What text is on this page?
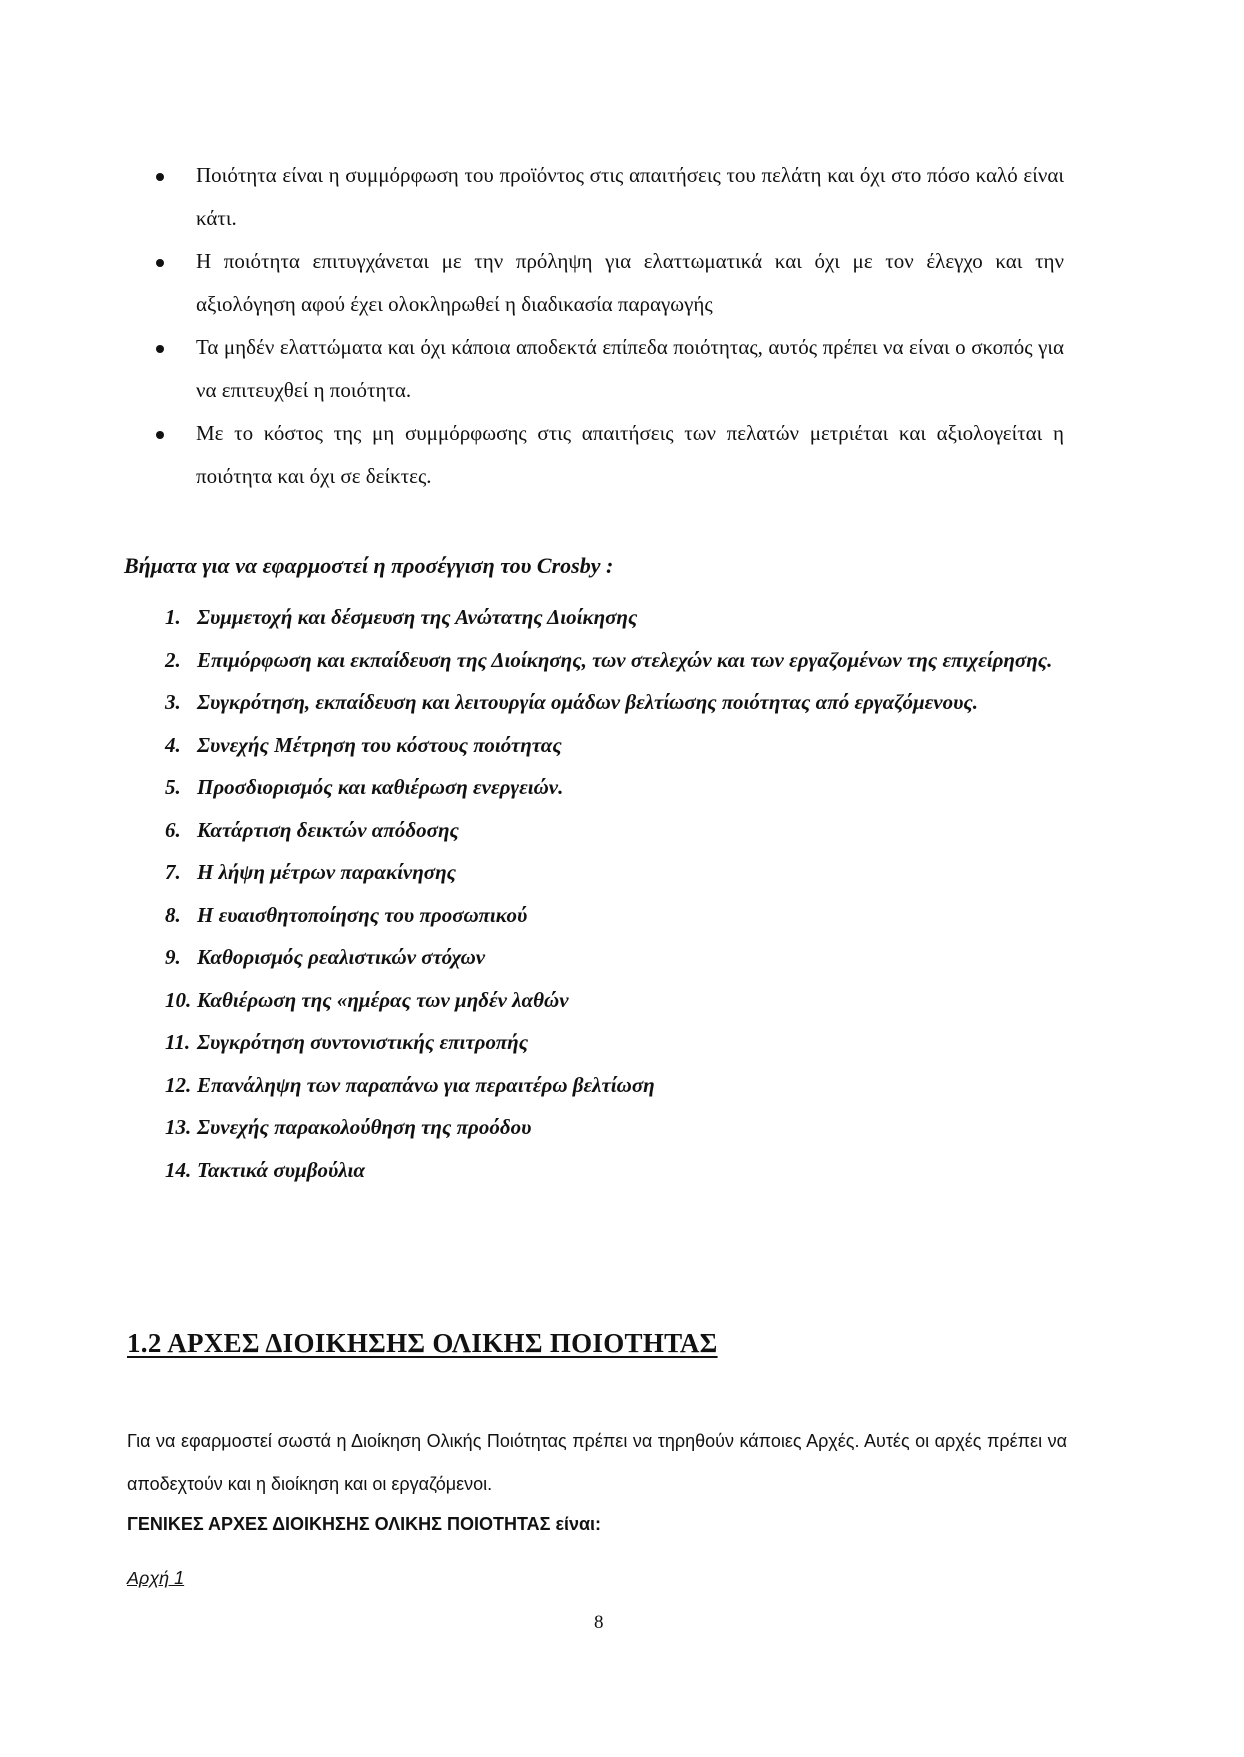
Ποιότητα είναι η συμμόρφωση του προϊόντος στις απαιτήσεις του πελάτη και όχι στο πόσο καλό είναι κάτι.
Η ποιότητα επιτυγχάνεται με την πρόληψη για ελαττωματικά και όχι με τον έλεγχο και την αξιολόγηση αφού έχει ολοκληρωθεί η διαδικασία παραγωγής
Τα μηδέν ελαττώματα και όχι κάποια αποδεκτά επίπεδα ποιότητας, αυτός πρέπει να είναι ο σκοπός για να επιτευχθεί η ποιότητα.
Με το κόστος της μη συμμόρφωσης στις απαιτήσεις των πελατών μετριέται και αξιολογείται η ποιότητα και όχι σε δείκτες.
Βήματα για να εφαρμοστεί η προσέγγιση του Crosby :
1. Συμμετοχή και δέσμευση της Ανώτατης Διοίκησης
2. Επιμόρφωση και εκπαίδευση της Διοίκησης, των στελεχών και των εργαζομένων της επιχείρησης.
3. Συγκρότηση, εκπαίδευση και λειτουργία ομάδων βελτίωσης ποιότητας από εργαζόμενους.
4. Συνεχής Μέτρηση του κόστους ποιότητας
5. Προσδιορισμός και καθιέρωση ενεργειών.
6. Κατάρτιση δεικτών απόδοσης
7. Η λήψη μέτρων παρακίνησης
8. Η ευαισθητοποίησης του προσωπικού
9. Καθορισμός ρεαλιστικών στόχων
10. Καθιέρωση της «ημέρας των μηδέν λαθών
11. Συγκρότηση συντονιστικής επιτροπής
12. Επανάληψη των παραπάνω για περαιτέρω βελτίωση
13. Συνεχής παρακολούθηση της προόδου
14. Τακτικά συμβούλια
1.2 ΑΡΧΕΣ ΔΙΟΙΚΗΣΗΣ ΟΛΙΚΗΣ ΠΟΙΟΤΗΤΑΣ
Για να εφαρμοστεί σωστά η Διοίκηση Ολικής Ποιότητας πρέπει να τηρηθούν κάποιες Αρχές. Αυτές οι αρχές πρέπει να αποδεχτούν και η διοίκηση και οι εργαζόμενοι.
ΓΕΝΙΚΕΣ ΑΡΧΕΣ ΔΙΟΙΚΗΣΗΣ ΟΛΙΚΗΣ ΠΟΙΟΤΗΤΑΣ είναι:
Αρχή 1
8
